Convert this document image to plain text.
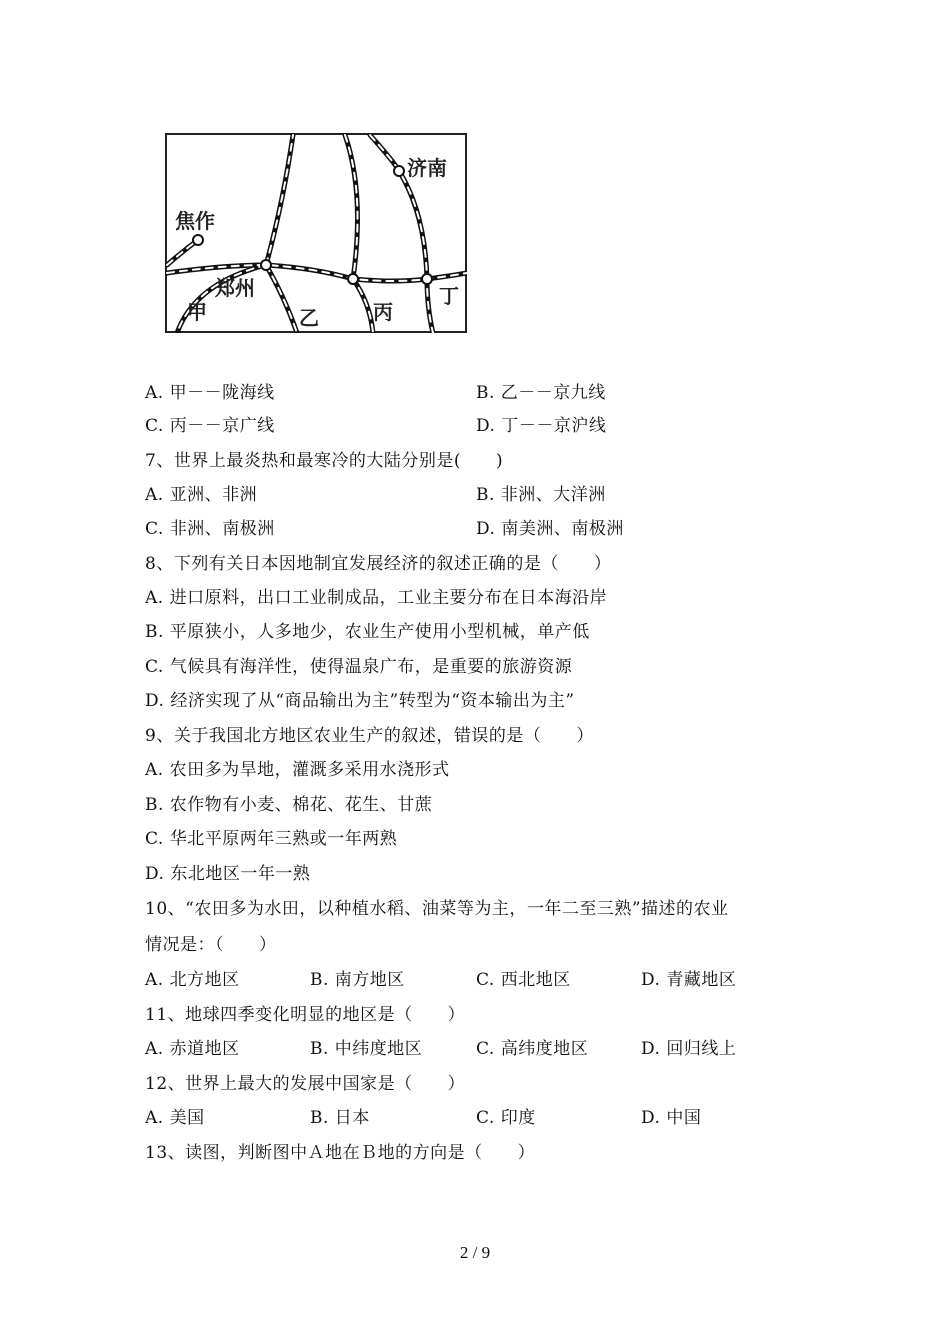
济南
焦作
郑州
甲	乙	丙
丁
A. 甲－－陇海线	B. 乙－－京九线
C. 丙－－京广线	D. 丁－－京沪线
7、世界上最炎热和最寒冷的大陆分别是(　　)
A. 亚洲、非洲	B. 非洲、大洋洲
C. 非洲、南极洲	D. 南美洲、南极洲
8、下列有关日本因地制宜发展经济的叙述正确的是（　　）
A. 进口原料，出口工业制成品，工业主要分布在日本海沿岸
B. 平原狭小，人多地少，农业生产使用小型机械，单产低
C. 气候具有海洋性，使得温泉广布，是重要的旅游资源
D. 经济实现了从“商品输出为主”转型为“资本输出为主”
9、关于我国北方地区农业生产的叙述，错误的是（　　）
A. 农田多为旱地，灌溉多采用水浇形式
B. 农作物有小麦、棉花、花生、甘蔗
C. 华北平原两年三熟或一年两熟
D. 东北地区一年一熟
10、“农田多为水田，以种植水稻、油菜等为主，一年二至三熟”描述的农业
情况是：（　　）
A. 北方地区	B. 南方地区	C. 西北地区	D. 青藏地区
11、地球四季变化明显的地区是（　　）
A. 赤道地区	B. 中纬度地区	C. 高纬度地区	D. 回归线上
12、世界上最大的发展中国家是（　　）
A. 美国	B. 日本	C. 印度	D. 中国
13、读图，判断图中Ａ地在Ｂ地的方向是（　　）
2 / 9
